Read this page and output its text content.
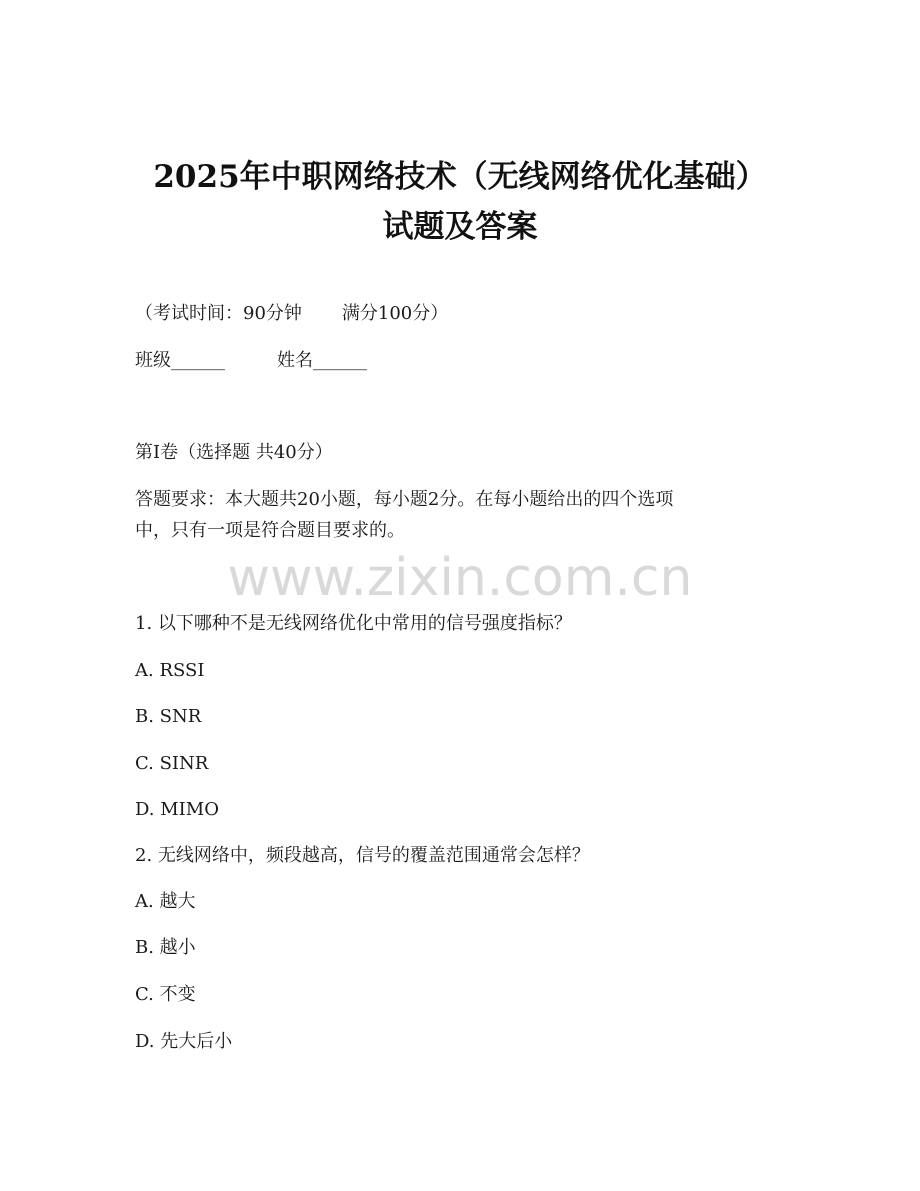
2025年中职网络技术（无线网络优化基础）
试题及答案
（考试时间：90分钟 满分100分）
班级______	姓名______
第I卷（选择题 共40分）
答题要求：本大题共20小题，每小题2分。在每小题给出的四个选项
中，只有一项是符合题目要求的。
www.zixin.com.cn
1. 以下哪种不是无线网络优化中常用的信号强度指标？
A. RSSI
B. SNR
C. SINR
D. MIMO
2. 无线网络中，频段越高，信号的覆盖范围通常会怎样？
A. 越大
B. 越小
C. 不变
D. 先大后小
